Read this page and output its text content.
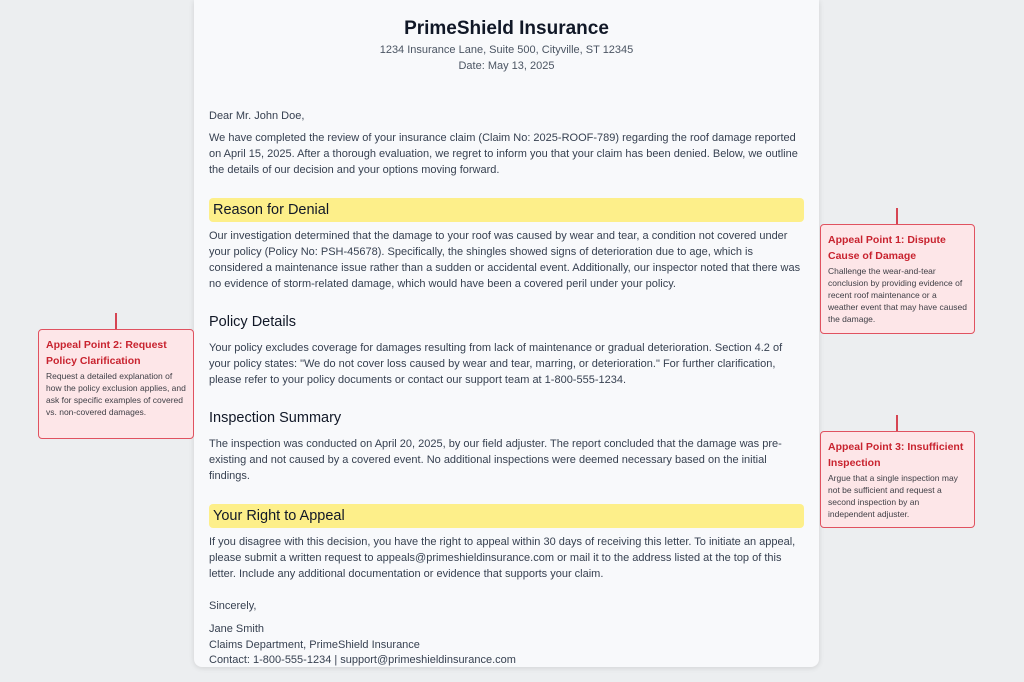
PrimeShield Insurance
1234 Insurance Lane, Suite 500, Cityville, ST 12345
Date: May 13, 2025
Dear Mr. John Doe,

We have completed the review of your insurance claim (Claim No: 2025-ROOF-789) regarding the roof damage reported on April 15, 2025. After a thorough evaluation, we regret to inform you that your claim has been denied. Below, we outline the details of our decision and your options moving forward.

Reason for Denial

Our investigation determined that the damage to your roof was caused by wear and tear, a condition not covered under your policy (Policy No: PSH-45678). Specifically, the shingles showed signs of deterioration due to age, which is considered a maintenance issue rather than a sudden or accidental event. Additionally, our inspector noted that there was no evidence of storm-related damage, which would have been a covered peril under your policy.

Policy Details

Your policy excludes coverage for damages resulting from lack of maintenance or gradual deterioration. Section 4.2 of your policy states: "We do not cover loss caused by wear and tear, marring, or deterioration." For further clarification, please refer to your policy documents or contact our support team at 1-800-555-1234.

Inspection Summary

The inspection was conducted on April 20, 2025, by our field adjuster. The report concluded that the damage was pre-existing and not caused by a covered event. No additional inspections were deemed necessary based on the initial findings.

Your Right to Appeal

If you disagree with this decision, you have the right to appeal within 30 days of receiving this letter. To initiate an appeal, please submit a written request to appeals@primeshieldinsurance.com or mail it to the address listed at the top of this letter. Include any additional documentation or evidence that supports your claim.

Sincerely,
Jane Smith
Claims Department, PrimeShield Insurance
Contact: 1-800-555-1234 | support@primeshieldinsurance.com
Appeal Point 1: Dispute Cause of Damage
Challenge the wear-and-tear conclusion by providing evidence of recent roof maintenance or a weather event that may have caused the damage.
Appeal Point 2: Request Policy Clarification
Request a detailed explanation of how the policy exclusion applies, and ask for specific examples of covered vs. non-covered damages.
Appeal Point 3: Insufficient Inspection
Argue that a single inspection may not be sufficient and request a second inspection by an independent adjuster.
